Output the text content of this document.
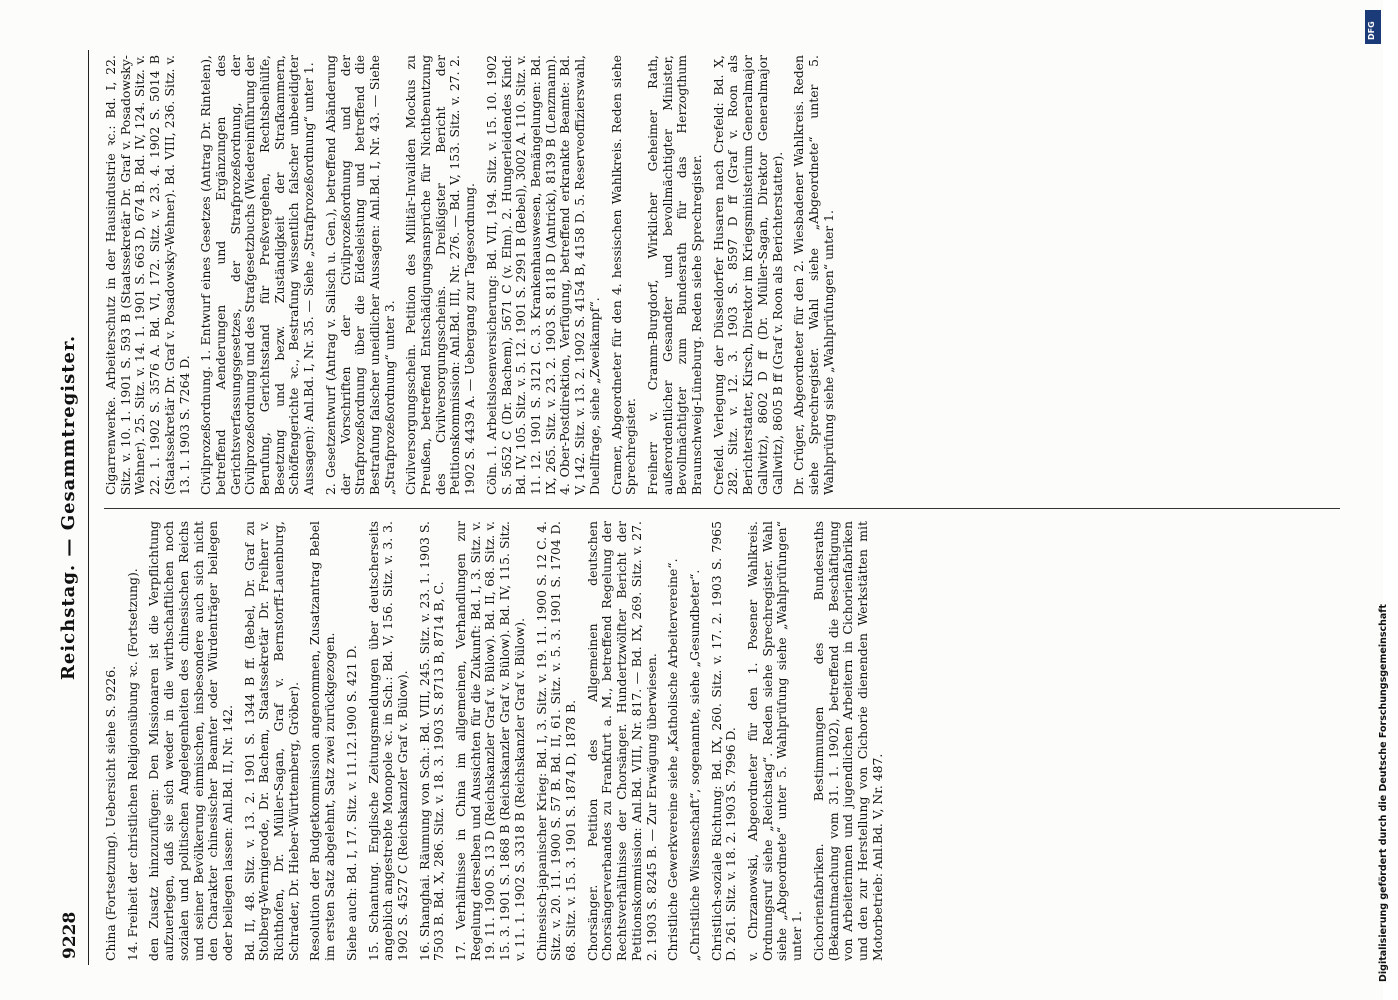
9228
Reichstag. — Gesammtregister.
China (Fortsetzung). Uebersicht siehe S. 9226. 14. Freiheit der christlichen Religionsübung ꝛc. (Fortsetzung). den Zusatz hinzuzufügen: Den Missionaren ist die Verpflichtung aufzuerlegen, daß sie sich weder in die wirthschaftlichen noch sozialen und politischen Angelegenheiten des chinesischen Reichs und seiner Bevölkerung einmischen, insbesondere auch sich nicht den Charakter chinesischer Beamter oder Würdenträger beilegen oder beilegen lassen: Anl.Bd. II, Nr. 142. Bd. II, 48. Sitz. v. 13. 2. 1901 S. 1344 B ff. (Bebel, Dr. Graf zu Stolberg-Wernigerode, Dr. Bachem, Staatssekretär Dr. Freiherr v. Richthofen, Dr. Müller-Sagan, Graf v. Bernstorff-Lauenburg, Schrader, Dr. Hieber-Württemberg, Gröber). Resolution der Budgetkommission angenommen, Zusatzantrag Bebel im ersten Satz abgelehnt, Satz zwei zurückgezogen. Siehe auch: Bd. I, 17. Sitz. v. 11.12.1900 S. 421 D. 15. Schantung. Englische Zeitungsmeldungen über deutscherseits angeblich angestrebte Monopole ꝛc. in Sch.: Bd. V, 156. Sitz. v. 3. 3. 1902 S. 4527 C (Reichskanzler Graf v. Bülow). 16. Shanghai. Räumung von Sch.: Bd. VIII, 245. Sitz. v. 23. 1. 1903 S. 7503 B. Bd. X, 286. Sitz. v. 18. 3. 1903 S. 8713 B, 8714 B, C. 17. Verhältnisse in China im allgemeinen, Verhandlungen zur Regelung derselben und Aussichten für die Zukunft: Bd. I, 3. Sitz. v. 19. 11. 1900 S. 13 D (Reichskanzler Graf v. Bülow). Bd. II, 68. Sitz. v. 15. 3. 1901 S. 1868 B (Reichskanzler Graf v. Bülow). Bd. IV, 115. Sitz. v. 11. 1. 1902 S. 3318 B (Reichskanzler Graf v. Bülow). Chinesisch-japanischer Krieg: Bd. I, 3. Sitz. v. 19. 11. 1900 S. 12 C. 4. Sitz. v. 20. 11. 1900 S. 57 B. Bd. II, 61. Sitz. v. 5. 3. 1901 S. 1704 D. 68. Sitz. v. 15. 3. 1901 S. 1874 D, 1878 B. Chorsänger. Petition des Allgemeinen deutschen Chorsängerverbandes zu Frankfurt a. M., betreffend Regelung der Rechtsverhältnisse der Chorsänger. Hundertzwölfter Bericht der Petitionskommission: Anl.Bd. VIII, Nr. 817. — Bd. IX, 269. Sitz. v. 27. 2. 1903 S. 8245 B. — Zur Erwägung überwiesen. Christliche Gewerkvereine siehe „Katholische Arbeitervereine“. „Christliche Wissenschaft“, sogenannte, siehe „Gesundbeter“. Christlich-soziale Richtung: Bd. IX, 260. Sitz. v. 17. 2. 1903 S. 7965 D. 261. Sitz. v. 18. 2. 1903 S. 7996 D. v. Chrzanowski, Abgeordneter für den 1. Posener Wahlkreis. Ordnungsruf siehe „Reichstag“. Reden siehe Sprechregister. Wahl siehe „Abgeordnete“ unter 5. Wahlprüfung siehe „Wahlprüfungen“ unter 1. Cichorienfabriken. Bestimmungen des Bundesraths (Bekanntmachung vom 31. 1. 1902), betreffend die Beschäftigung von Arbeiterinnen und jugendlichen Arbeitern in Cichorienfabriken und den zur Herstellung von Cichorie dienenden Werkstätten mit Motorbetrieb: Anl.Bd. V, Nr. 487.
Cigarrenwerke. Arbeiterschutz in der Hausindustrie ꝛc.: Bd. I, 22. Sitz. v. 10. 1. 1901 S. 593 B (Staatssekretär Dr. Graf v. Posadowsky-Wehner). 25. Sitz. v. 14. 1. 1901 S. 663 D, 674 B. Bd. IV, 124. Sitz. v. 22. 1. 1902 S. 3576 A. Bd. VI, 172. Sitz. v. 23. 4. 1902 S. 5014 B (Staatssekretär Dr. Graf v. Posadowsky-Wehner). Bd. VIII, 236. Sitz. v. 13. 1. 1903 S. 7264 D. Civilprozeßordnung. 1. Entwurf eines Gesetzes (Antrag Dr. Rintelen), betreffend Aenderungen und Ergänzungen des Gerichtsverfassungsgesetzes, der Strafprozeßordnung, der Civilprozeßordnung und des Strafgesetzbuchs (Wiedereinführung der Berufung, Gerichtsstand für Preßvergehen, Rechtsbeihülfe, Besetzung und bezw. Zuständigkeit der Strafkammern, Schöffengerichte ꝛc., Bestrafung wissentlich falscher unbeeidigter Aussagen): Anl.Bd. I, Nr. 35. — Siehe „Strafprozeßordnung“ unter 1. 2. Gesetzentwurf (Antrag v. Salisch u. Gen.), betreffend Abänderung der Vorschriften der Civilprozeßordnung und der Strafprozeßordnung über die Eidesleistung und betreffend die Bestrafung falscher uneidlicher Aussagen: Anl.Bd. I, Nr. 43. — Siehe „Strafprozeßordnung“ unter 3. Civilversorgungsschein. Petition des Militär-Invaliden Mockus zu Preußen, betreffend Entschädigungsansprüche für Nichtbenutzung des Civilversorgungsscheins. Dreißigster Bericht der Petitionskommission: Anl.Bd. III, Nr. 276. — Bd. V, 153. Sitz. v. 27. 2. 1902 S. 4439 A. — Uebergang zur Tagesordnung. Cöln. 1. Arbeitslosenversicherung: Bd. VII, 194. Sitz. v. 15. 10. 1902 S. 5652 C (Dr. Bachem), 5671 C (v. Elm). 2. Hungerleidendes Kind: Bd. IV, 105. Sitz. v. 5. 12. 1901 S. 2991 B (Bebel), 3002 A. 110. Sitz. v. 11. 12. 1901 S. 3121 C. 3. Krankenhauswesen, Bemängelungen: Bd. IX, 265. Sitz. v. 23. 2. 1903 S. 8118 D (Antrick), 8139 B (Lenzmann). 4. Ober-Postdirektion, Verfügung, betreffend erkrankte Beamte: Bd. V, 142. Sitz. v. 13. 2. 1902 S. 4154 B, 4158 D. 5. Reserveoffizierswahl, Duellfrage, siehe „Zweikampf“. Cramer, Abgeordneter für den 4. hessischen Wahlkreis. Reden siehe Sprechregister. Freiherr v. Cramm-Burgdorf, Wirklicher Geheimer Rath, außerordentlicher Gesandter und bevollmächtigter Minister, Bevollmächtigter zum Bundesrath für das Herzogthum Braunschweig-Lüneburg. Reden siehe Sprechregister. Crefeld. Verlegung der Düsseldorfer Husaren nach Crefeld: Bd. X, 282. Sitz. v. 12. 3. 1903 S. 8597 D ff (Graf v. Roon als Berichterstatter, Kirsch, Direktor im Kriegsministerium Generalmajor Gallwitz), 8602 D ff (Dr. Müller-Sagan, Direktor Generalmajor Gallwitz), 8605 B ff (Graf v. Roon als Berichterstatter). Dr. Crüger, Abgeordneter für den 2. Wiesbadener Wahlkreis. Reden siehe Sprechregister. Wahl siehe „Abgeordnete“ unter 5. Wahlprüfung siehe „Wahlprüfungen“ unter 1.
Digitalisierung gefördert durch die Deutsche Forschungsgemeinschaft
DFG
